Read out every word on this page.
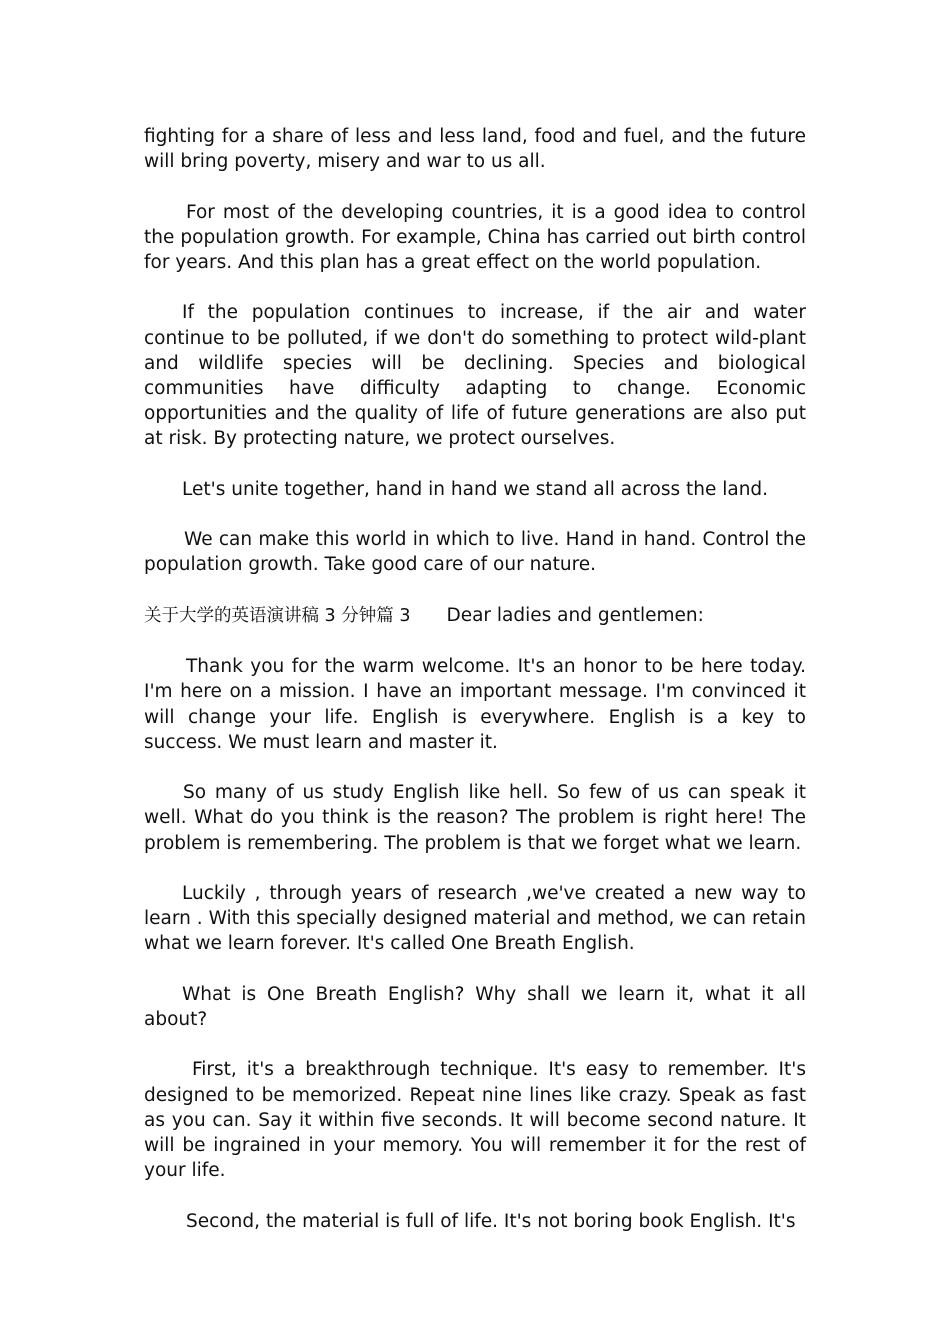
fighting for a share of less and less land, food and fuel, and the future will bring poverty, misery and war to us all.

For most of the developing countries, it is a good idea to control the population growth. For example, China has carried out birth control for years. And this plan has a great effect on the world population.

If the population continues to increase, if the air and water continue to be polluted, if we don't do something to protect wild-plant and wildlife species will be declining. Species and biological communities have difficulty adapting to change. Economic opportunities and the quality of life of future generations are also put at risk. By protecting nature, we protect ourselves.

Let's unite together, hand in hand we stand all across the land.

We can make this world in which to live. Hand in hand. Control the population growth. Take good care of our nature.

关于大学的英语演讲稿 3 分钟篇 3 Dear ladies and gentlemen:

Thank you for the warm welcome. It's an honor to be here today. I'm here on a mission. I have an important message. I'm convinced it will change your life. English is everywhere. English is a key to success. We must learn and master it.

So many of us study English like hell. So few of us can speak it well. What do you think is the reason? The problem is right here! The problem is remembering. The problem is that we forget what we learn.

Luckily , through years of research ,we've created a new way to learn . With this specially designed material and method, we can retain what we learn forever. It's called One Breath English.

What is One Breath English? Why shall we learn it, what it all about?

First, it's a breakthrough technique. It's easy to remember. It's designed to be memorized. Repeat nine lines like crazy. Speak as fast as you can. Say it within five seconds. It will become second nature. It will be ingrained in your memory. You will remember it for the rest of your life.

Second, the material is full of life. It's not boring book English. It's
